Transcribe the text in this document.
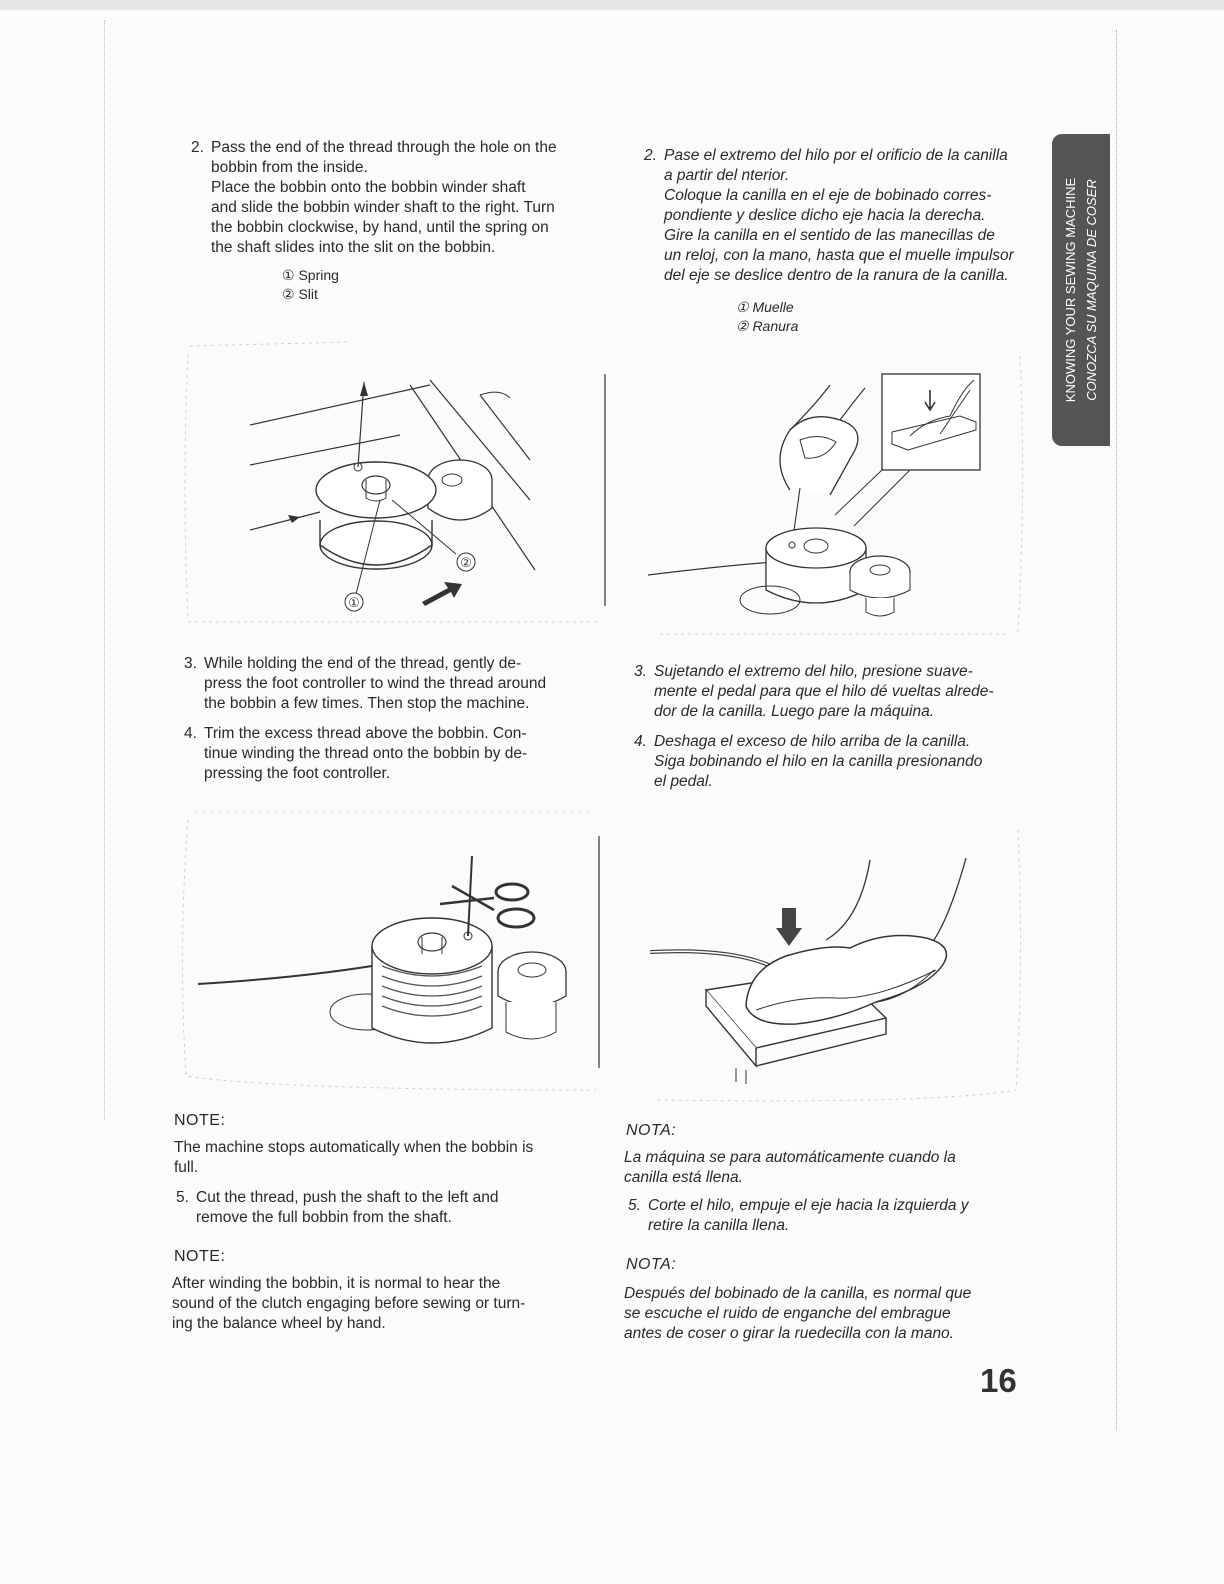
KNOWING YOUR SEWING MACHINE CONOZCA SU MAQUINA DE COSER
2. Pass the end of the thread through the hole on the
bobbin from the inside.
Place the bobbin onto the bobbin winder shaft
and slide the bobbin winder shaft to the right. Turn
the bobbin clockwise, by hand, until the spring on
the shaft slides into the slit on the bobbin.
① Spring
② Slit
2. Pase el extremo del hilo por el orificio de la canilla
a partir del nterior.
Coloque la canilla en el eje de bobinado corres-
pondiente y deslice dicho eje hacia la derecha.
Gire la canilla en el sentido de las manecillas de
un reloj, con la mano, hasta que el muelle impulsor
del eje se deslice dentro de la ranura de la canilla.
① Muelle
② Ranura
①
②
3. While holding the end of the thread, gently de-
press the foot controller to wind the thread around
the bobbin a few times. Then stop the machine.
4. Trim the excess thread above the bobbin. Con-
tinue winding the thread onto the bobbin by de-
pressing the foot controller.
3. Sujetando el extremo del hilo, presione suave-
mente el pedal para que el hilo dé vueltas alrede-
dor de la canilla. Luego pare la máquina.
4. Deshaga el exceso de hilo arriba de la canilla.
Siga bobinando el hilo en la canilla presionando
el pedal.
NOTE:
The machine stops automatically when the bobbin is
full.
5. Cut the thread, push the shaft to the left and
remove the full bobbin from the shaft.
NOTE:
After winding the bobbin, it is normal to hear the
sound of the clutch engaging before sewing or turn-
ing the balance wheel by hand.
NOTA:
La máquina se para automáticamente cuando la
canilla está llena.
5. Corte el hilo, empuje el eje hacia la izquierda y
retire la canilla llena.
NOTA:
Después del bobinado de la canilla, es normal que
se escuche el ruido de enganche del embrague
antes de coser o girar la ruedecilla con la mano.
16
